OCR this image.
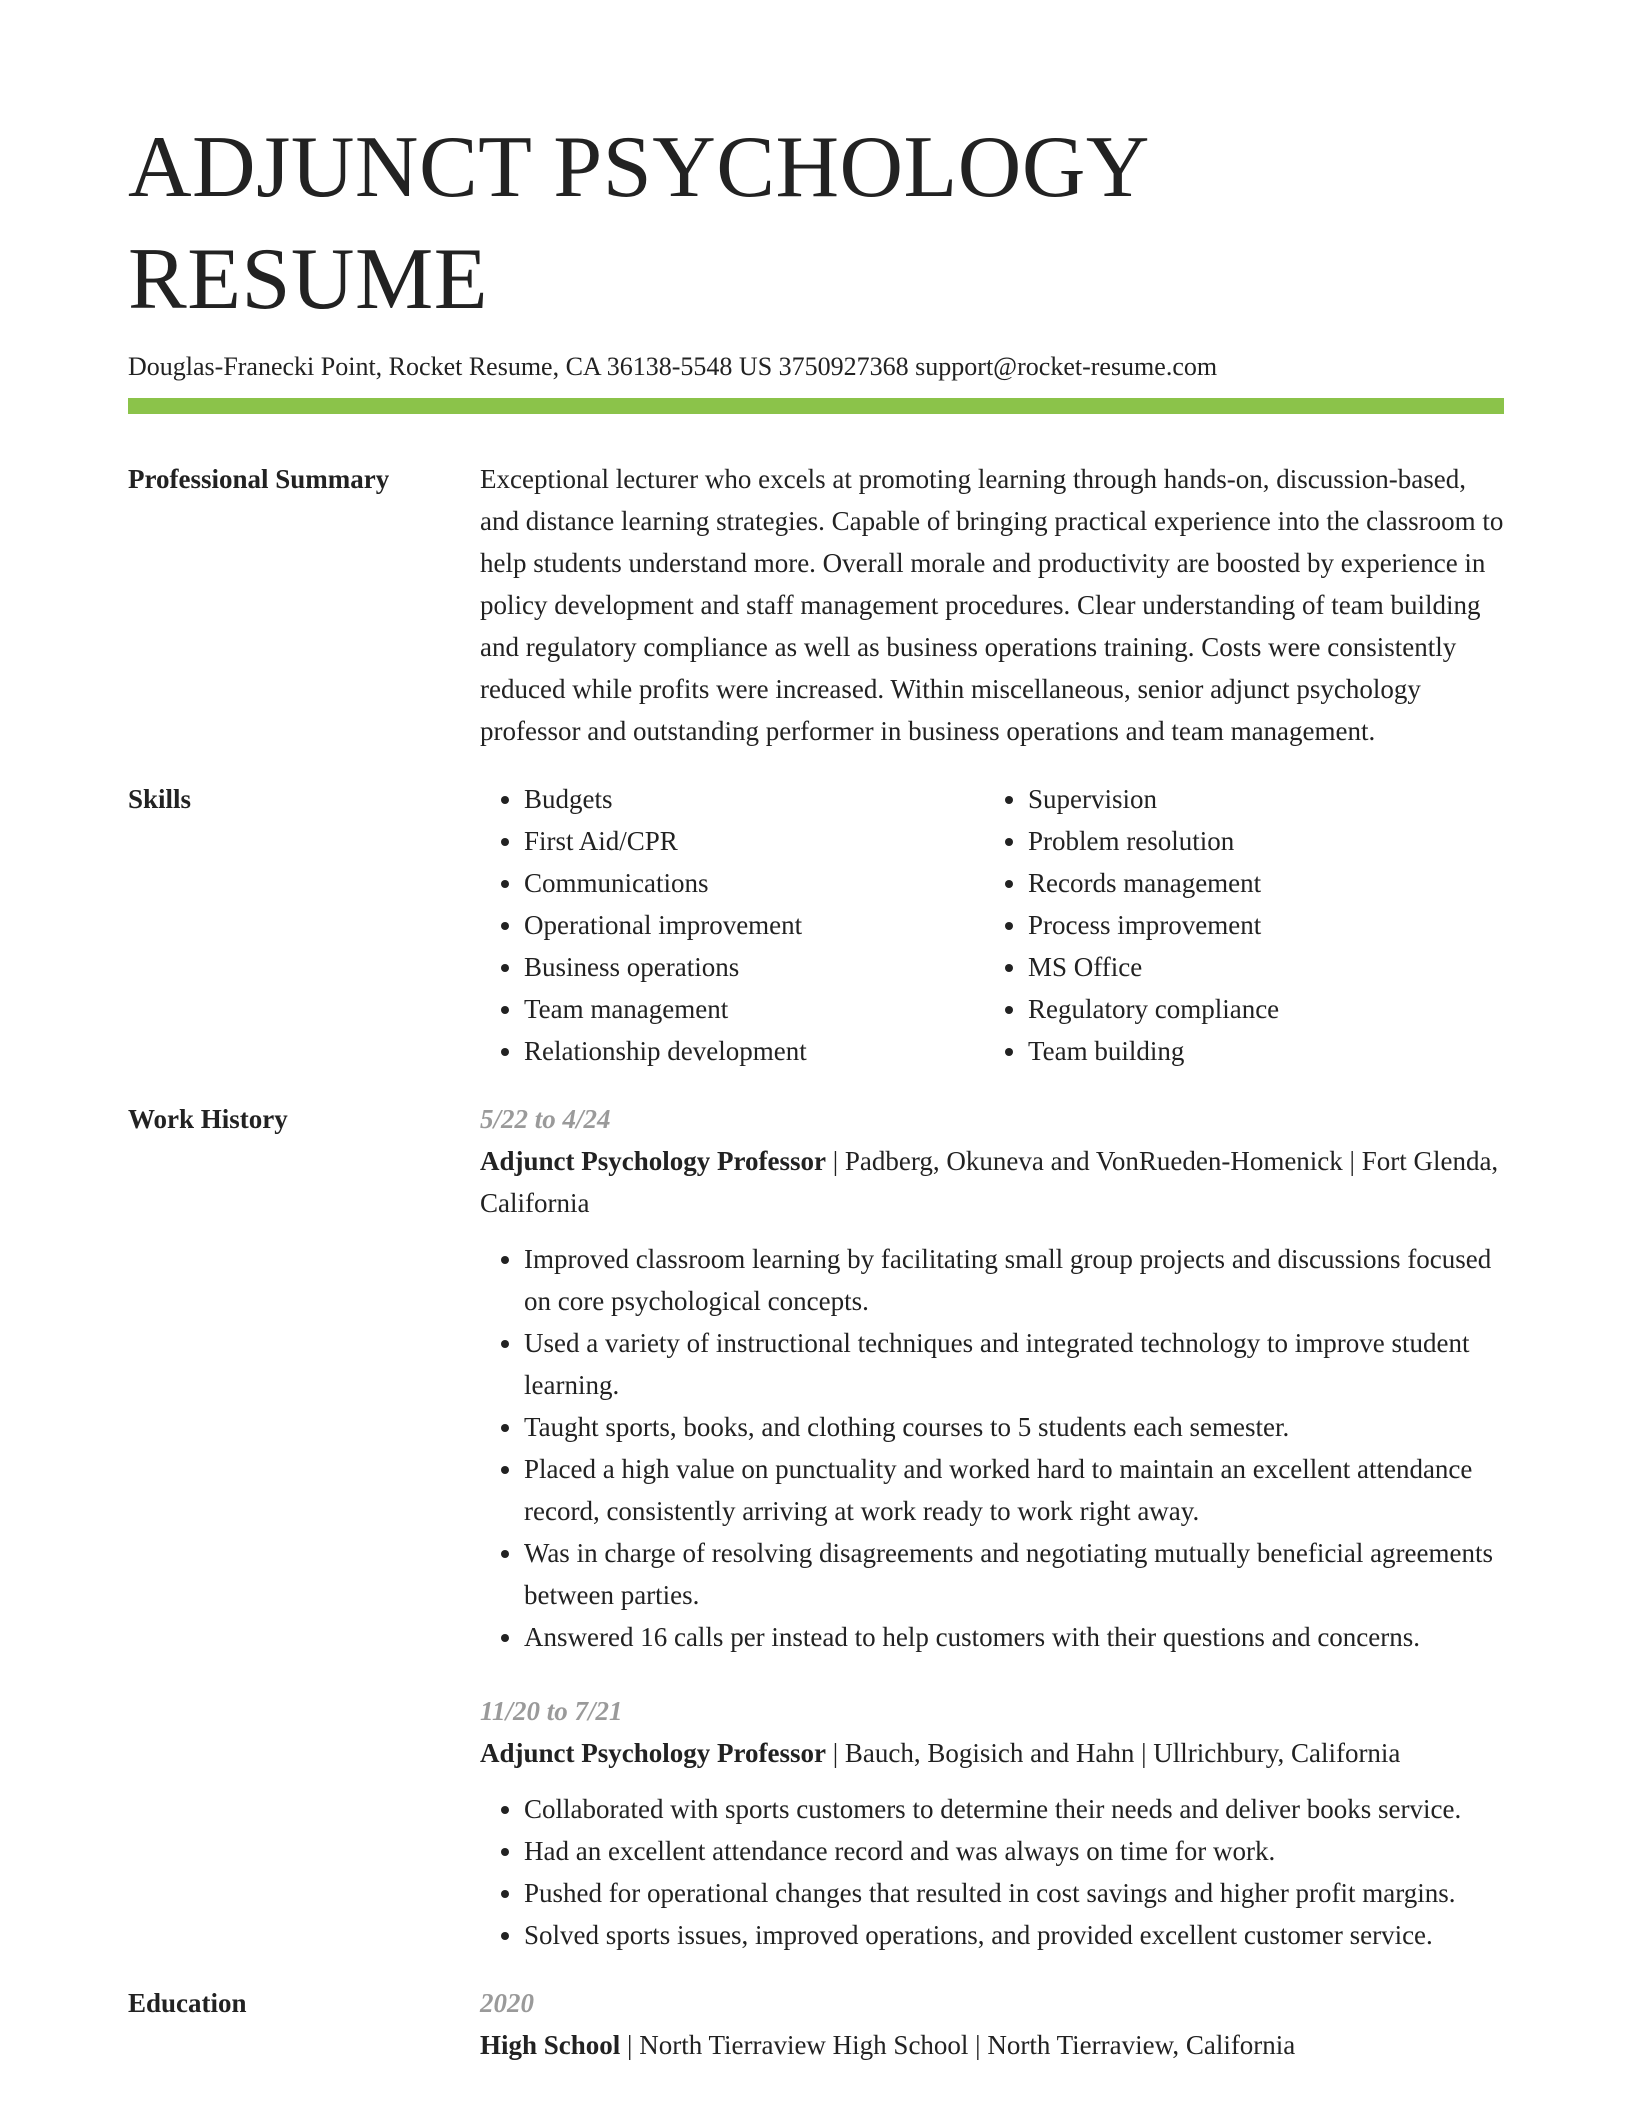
ADJUNCT PSYCHOLOGY RESUME
Douglas-Franecki Point, Rocket Resume, CA 36138-5548 US 3750927368 support@rocket-resume.com
Professional Summary	Exceptional lecturer who excels at promoting learning through hands-on, discussion-based, and distance learning strategies. Capable of bringing practical experience into the classroom to help students understand more. Overall morale and productivity are boosted by experience in policy development and staff management procedures. Clear understanding of team building and regulatory compliance as well as business operations training. Costs were consistently reduced while profits were increased. Within miscellaneous, senior adjunct psychology professor and outstanding performer in business operations and team management.

Skills
•	Budgets
• First Aid/CPR
• Communications
• Operational improvement
• Business operations
• Team management
• Relationship development
• Supervision
• Problem resolution
• Records management
• Process improvement
• MS Office
• Regulatory compliance
• Team building
Work History	5/22 to 4/24
Adjunct Psychology Professor | Padberg, Okuneva and VonRueden-Homenick | Fort Glenda, California
• Improved classroom learning by facilitating small group projects and discussions focused on core psychological concepts.
• Used a variety of instructional techniques and integrated technology to improve student learning.
• Taught sports, books, and clothing courses to 5 students each semester.
• Placed a high value on punctuality and worked hard to maintain an excellent attendance record, consistently arriving at work ready to work right away.
• Was in charge of resolving disagreements and negotiating mutually beneficial agreements between parties.
• Answered 16 calls per instead to help customers with their questions and concerns.
11/20 to 7/21
Adjunct Psychology Professor | Bauch, Bogisich and Hahn | Ullrichbury, California
• Collaborated with sports customers to determine their needs and deliver books service.
• Had an excellent attendance record and was always on time for work.
• Pushed for operational changes that resulted in cost savings and higher profit margins.
• Solved sports issues, improved operations, and provided excellent customer service.
Education	2020
High School | North Tierraview High School | North Tierraview, California
